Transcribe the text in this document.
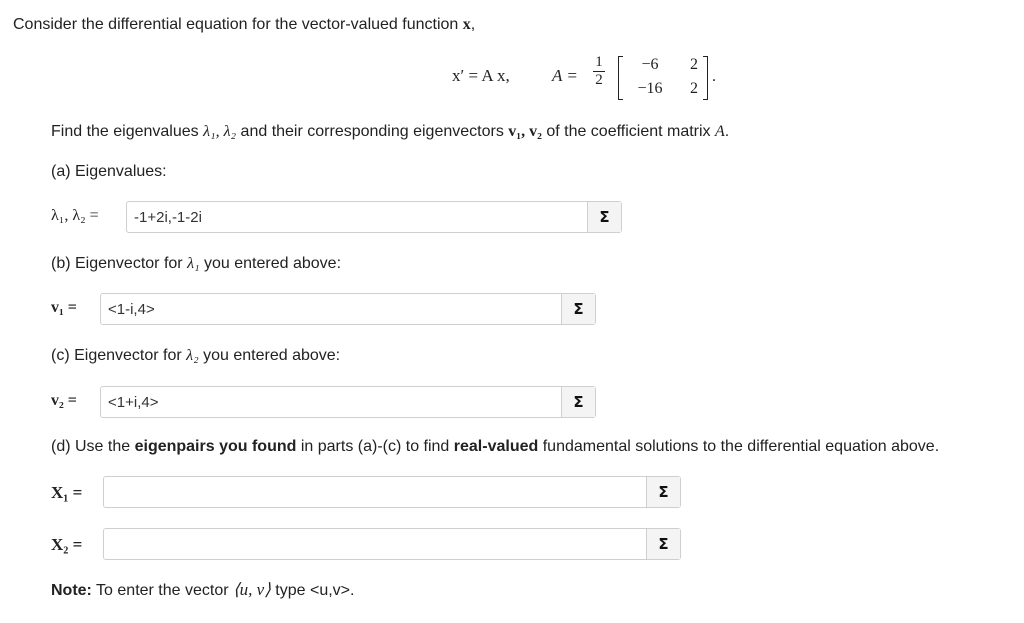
Consider the differential equation for the vector-valued function x,
x′ = A x, A =
1
2
−6	2
−16	2
.
Find the eigenvalues λ₁, λ₂ and their corresponding eigenvectors v₁, v₂ of the coefficient matrix A.
(a) Eigenvalues:
λ₁, λ₂ =
-1+2i,-1-2i	Σ
(b) Eigenvector for λ₁ you entered above:
v₁ =
<1-i,4>	Σ
(c) Eigenvector for λ₂ you entered above:
v₂ =
<1+i,4>	Σ
(d) Use the eigenpairs you found in parts (a)-(c) to find real-valued fundamental solutions to the differential equation above.
X₁ =	Σ
X₂ =	Σ
Note: To enter the vector ⟨u, v⟩ type <u,v>.
